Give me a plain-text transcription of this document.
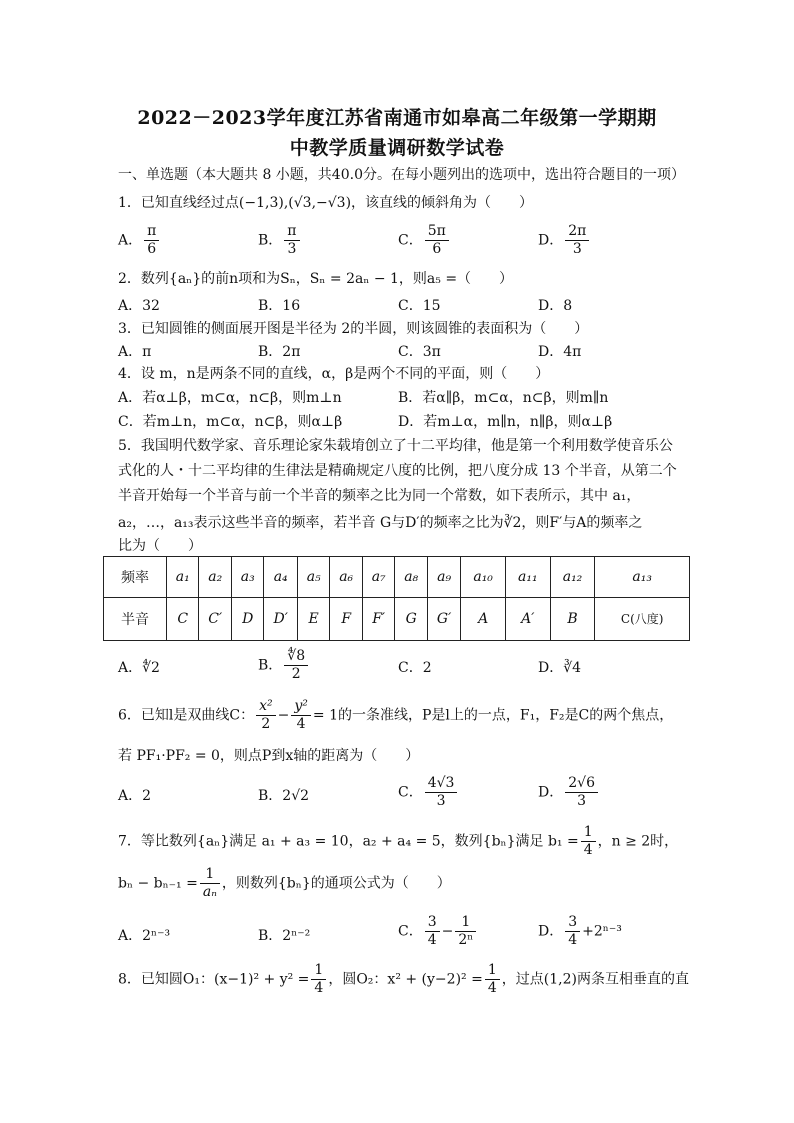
2022－2023学年度江苏省南通市如皋高二年级第一学期期
中教学质量调研数学试卷
一、单选题（本大题共 8 小题，共40.0分。在每小题列出的选项中，选出符合题目的一项）
1．已知直线经过点(−1,3),(√3,−√3)，该直线的倾斜角为（　　）
A． $\frac{\pi}{6}$	B． $\frac{\pi}{3}$	C． $\frac{5\pi}{6}$	D． $\frac{2\pi}{3}$
2．数列{aₙ}的前n项和为Sₙ，Sₙ = 2aₙ − 1，则a₅ =（　　）
A．32	B．16	C．15	D．8
3．已知圆锥的侧面展开图是半径为 2的半圆，则该圆锥的表面积为（　　）
A．π	B．2π	C．3π	D．4π
4．设 m，n是两条不同的直线，α，β是两个不同的平面，则（　　）
A．若α⊥β，m⊂α，n⊂β，则m⊥n	B．若α∥β，m⊂α，n⊂β，则m∥n
C．若m⊥n，m⊂α，n⊂β，则α⊥β	D．若m⊥α，m∥n，n∥β，则α⊥β
5．我国明代数学家、音乐理论家朱载堉创立了十二平均律，他是第一个利用数学使音乐公
式化的人・十二平均律的生律法是精确规定八度的比例，把八度分成 13 个半音，从第二个
半音开始每一个半音与前一个半音的频率之比为同一个常数，如下表所示，其中 a₁，
a₂，…，a₁₃表示这些半音的频率，若半音 G与D′的频率之比为∛2，则F′与A的频率之
比为（　　）
频率	a₁	a₂	a₃	a₄	a₅	a₆	a₇	a₈	a₉	a₁₀	a₁₁	a₁₂	a₁₃
半音	C	C′	D	D′	E	F	F′	G	G′	A	A′	B	C(八度)
A．∜2	B． $\frac{∜8}{2}$	C．2	D．∛4
6．已知l是双曲线C： $\frac{\text{x²}}{2} - \frac{\text{y²}}{4} = 1$的一条准线，P是l上的一点，F₁，F₂是C的两个焦点，
若 PF₁·PF₂ = 0，则点P到x轴的距离为（　　）
A．2	B．2√2	C． $\frac{4√3}{3}$	D． $\frac{2√6}{3}$
7．等比数列{aₙ}满足 a₁ + a₃ = 10，a₂ + a₄ = 5，数列{bₙ}满足 $b_1 = \frac{1}{4}$ ，n ≥ 2时，
$b_n - b_{n-1} = \frac{1}{\text{aₙ}}$ ，则数列{bₙ}的通项公式为（　　）
A．2ⁿ⁻³	B．2ⁿ⁻²	C． $\frac{3}{4} - \frac{1}{\text{2ⁿ}}$	D． $\frac{3}{4} +2^{n-3}$
8．已知圆O₁：$(x-1)^2 + y^2 = \frac{1}{4}$ ，圆O₂：$x^2 + (y-2)^2 = \frac{1}{4}$ ，过点(1,2)两条互相垂直的直
